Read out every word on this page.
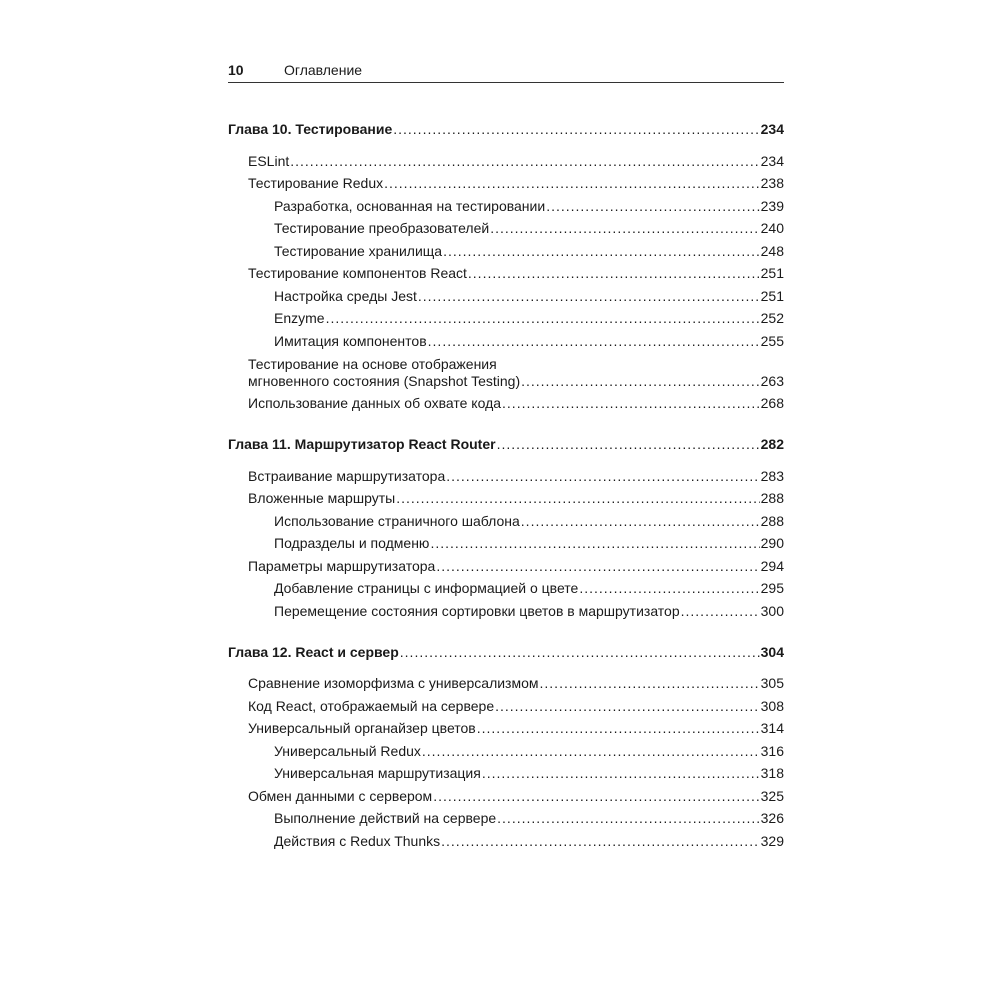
10	Оглавление
Глава 10. Тестирование .....	234
ESLint .....	234
Тестирование Redux .....	238
Разработка, основанная на тестировании .....	239
Тестирование преобразователей .....	240
Тестирование хранилища .....	248
Тестирование компонентов React .....	251
Настройка среды Jest .....	251
Enzyme .....	252
Имитация компонентов .....	255
Тестирование на основе отображения
мгновенного состояния (Snapshot Testing) .....	263
Использование данных об охвате кода .....	268
Глава 11. Маршрутизатор React Router .....	282
Встраивание маршрутизатора .....	283
Вложенные маршруты .....	288
Использование страничного шаблона .....	288
Подразделы и подменю .....	290
Параметры маршрутизатора .....	294
Добавление страницы с информацией о цвете .....	295
Перемещение состояния сортировки цветов в маршрутизатор .....	300
Глава 12. React и сервер .....	304
Сравнение изоморфизма с универсализмом .....	305
Код React, отображаемый на сервере .....	308
Универсальный органайзер цветов .....	314
Универсальный Redux .....	316
Универсальная маршрутизация .....	318
Обмен данными с сервером .....	325
Выполнение действий на сервере .....	326
Действия с Redux Thunks .....	329
